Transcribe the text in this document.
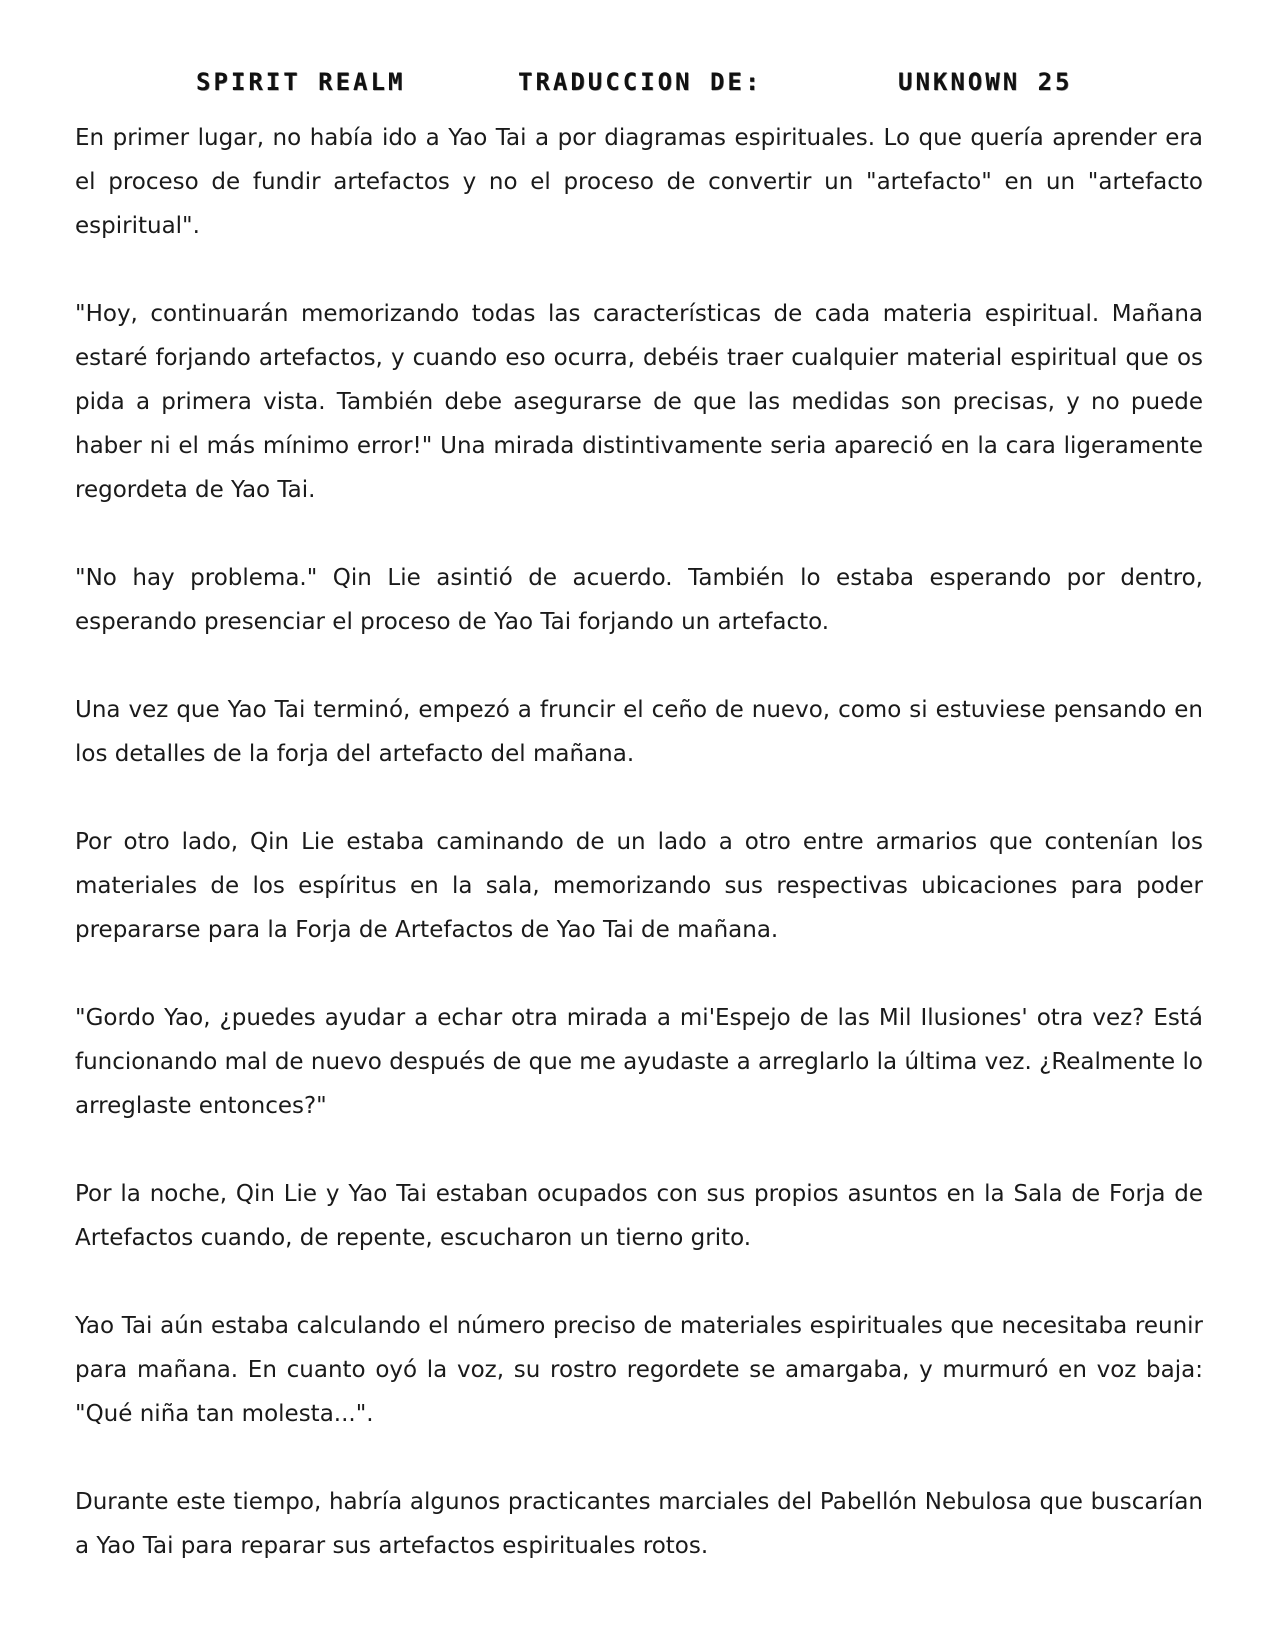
SPIRIT REALM	TRADUCCION DE:	UNKNOWN 25

En primer lugar, no había ido a Yao Tai a por diagramas espirituales. Lo que quería aprender era el proceso de fundir artefactos y no el proceso de convertir un "artefacto" en un "artefacto espiritual".

"Hoy, continuarán memorizando todas las características de cada materia espiritual. Mañana estaré forjando artefactos, y cuando eso ocurra, debéis traer cualquier material espiritual que os pida a primera vista. También debe asegurarse de que las medidas son precisas, y no puede haber ni el más mínimo error!" Una mirada distintivamente seria apareció en la cara ligeramente regordeta de Yao Tai.

"No hay problema." Qin Lie asintió de acuerdo. También lo estaba esperando por dentro, esperando presenciar el proceso de Yao Tai forjando un artefacto.

Una vez que Yao Tai terminó, empezó a fruncir el ceño de nuevo, como si estuviese pensando en los detalles de la forja del artefacto del mañana.

Por otro lado, Qin Lie estaba caminando de un lado a otro entre armarios que contenían los materiales de los espíritus en la sala, memorizando sus respectivas ubicaciones para poder prepararse para la Forja de Artefactos de Yao Tai de mañana.

"Gordo Yao, ¿puedes ayudar a echar otra mirada a mi'Espejo de las Mil Ilusiones' otra vez? Está funcionando mal de nuevo después de que me ayudaste a arreglarlo la última vez. ¿Realmente lo arreglaste entonces?"

Por la noche, Qin Lie y Yao Tai estaban ocupados con sus propios asuntos en la Sala de Forja de Artefactos cuando, de repente, escucharon un tierno grito.

Yao Tai aún estaba calculando el número preciso de materiales espirituales que necesitaba reunir para mañana. En cuanto oyó la voz, su rostro regordete se amargaba, y murmuró en voz baja: "Qué niña tan molesta...".

Durante este tiempo, habría algunos practicantes marciales del Pabellón Nebulosa que buscarían a Yao Tai para reparar sus artefactos espirituales rotos.
